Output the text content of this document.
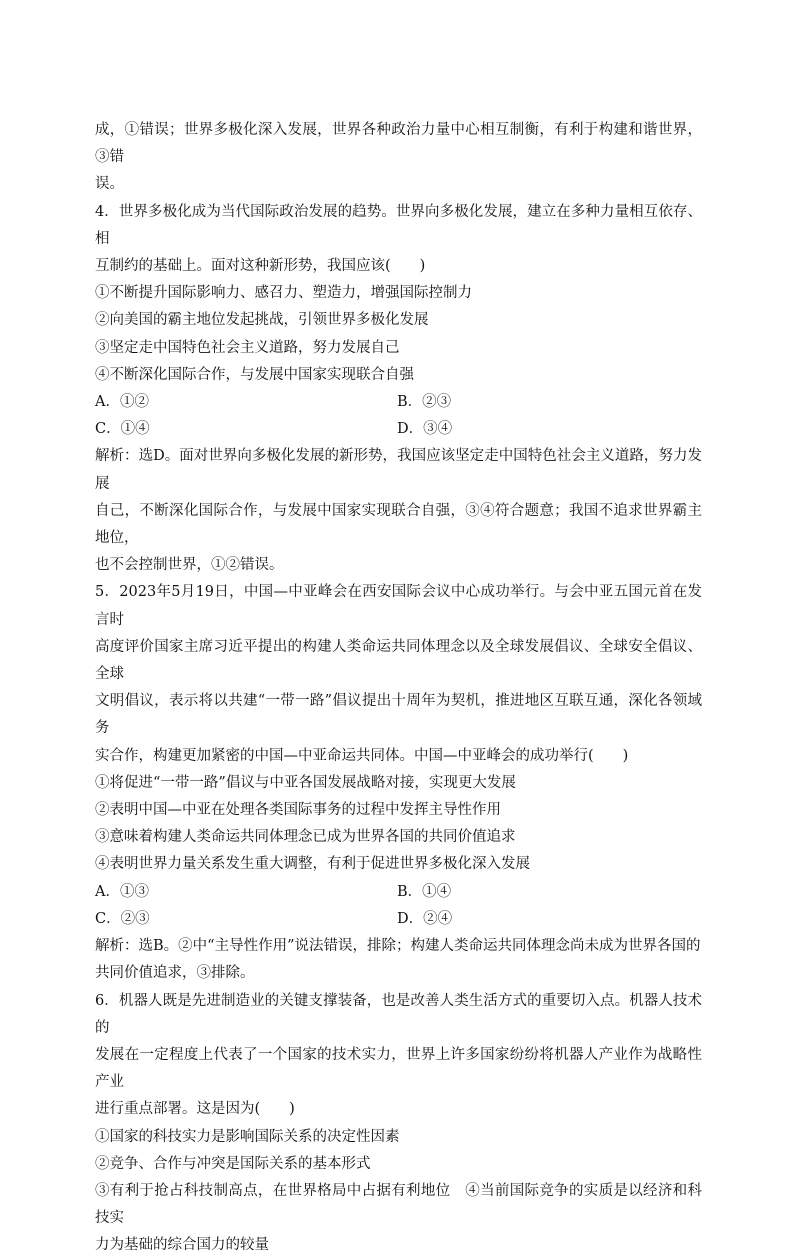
成，①错误；世界多极化深入发展，世界各种政治力量中心相互制衡，有利于构建和谐世界，③错
误。
4．世界多极化成为当代国际政治发展的趋势。世界向多极化发展，建立在多种力量相互依存、相
互制约的基础上。面对这种新形势，我国应该(　　)
①不断提升国际影响力、感召力、塑造力，增强国际控制力
②向美国的霸主地位发起挑战，引领世界多极化发展
③坚定走中国特色社会主义道路，努力发展自己
④不断深化国际合作，与发展中国家实现联合自强
A．①②	B．②③
C．①④	D．③④
解析：选D。面对世界向多极化发展的新形势，我国应该坚定走中国特色社会主义道路，努力发展
自己，不断深化国际合作，与发展中国家实现联合自强，③④符合题意；我国不追求世界霸主地位，
也不会控制世界，①②错误。
5．2023年5月19日，中国—中亚峰会在西安国际会议中心成功举行。与会中亚五国元首在发言时
高度评价国家主席习近平提出的构建人类命运共同体理念以及全球发展倡议、全球安全倡议、全球
文明倡议，表示将以共建“一带一路”倡议提出十周年为契机，推进地区互联互通，深化各领域务
实合作，构建更加紧密的中国—中亚命运共同体。中国—中亚峰会的成功举行(　　)
①将促进“一带一路”倡议与中亚各国发展战略对接，实现更大发展
②表明中国—中亚在处理各类国际事务的过程中发挥主导性作用
③意味着构建人类命运共同体理念已成为世界各国的共同价值追求
④表明世界力量关系发生重大调整，有利于促进世界多极化深入发展
A．①③	B．①④
C．②③	D．②④
解析：选B。②中“主导性作用”说法错误，排除；构建人类命运共同体理念尚未成为世界各国的
共同价值追求，③排除。
6．机器人既是先进制造业的关键支撑装备，也是改善人类生活方式的重要切入点。机器人技术的
发展在一定程度上代表了一个国家的技术实力，世界上许多国家纷纷将机器人产业作为战略性产业
进行重点部署。这是因为(　　)
①国家的科技实力是影响国际关系的决定性因素
②竞争、合作与冲突是国际关系的基本形式
③有利于抢占科技制高点，在世界格局中占据有利地位　④当前国际竞争的实质是以经济和科技实
力为基础的综合国力的较量
